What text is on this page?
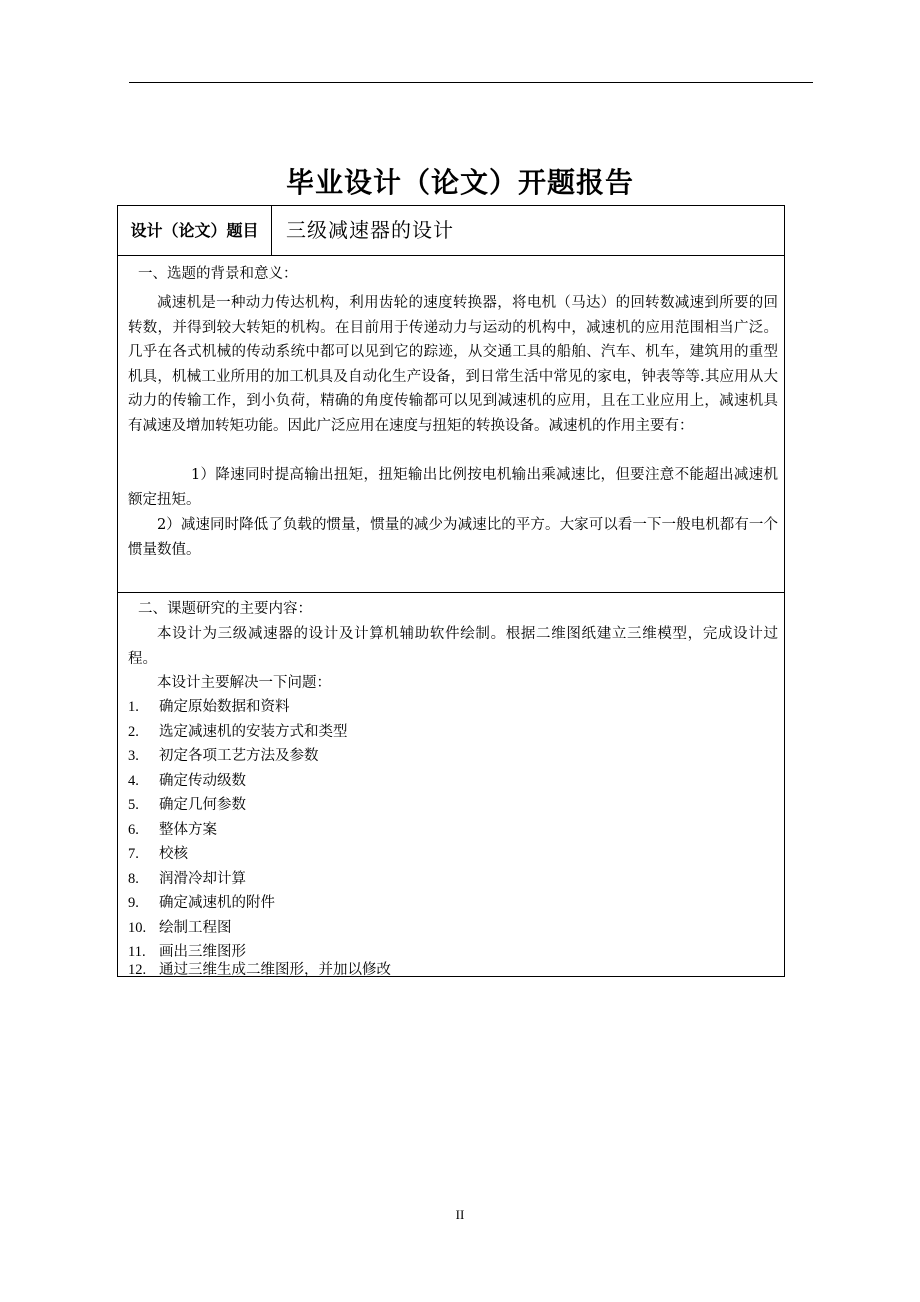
毕业设计（论文）开题报告
设计（论文）题目	三级减速器的设计
一、选题的背景和意义：
减速机是一种动力传达机构，利用齿轮的速度转换器，将电机（马达）的回转数减速到所要的回转数，并得到较大转矩的机构。在目前用于传递动力与运动的机构中，减速机的应用范围相当广泛。几乎在各式机械的传动系统中都可以见到它的踪迹，从交通工具的船舶、汽车、机车，建筑用的重型机具，机械工业所用的加工机具及自动化生产设备，到日常生活中常见的家电，钟表等等.其应用从大动力的传输工作，到小负荷，精确的角度传输都可以见到减速机的应用，且在工业应用上，减速机具有减速及增加转矩功能。因此广泛应用在速度与扭矩的转换设备。减速机的作用主要有：
1）降速同时提高输出扭矩，扭矩输出比例按电机输出乘减速比，但要注意不能超出减速机额定扭矩。
2）减速同时降低了负载的惯量，惯量的减少为减速比的平方。大家可以看一下一般电机都有一个惯量数值。
二、课题研究的主要内容：
本设计为三级减速器的设计及计算机辅助软件绘制。根据二维图纸建立三维模型，完成设计过程。
本设计主要解决一下问题：
1. 确定原始数据和资料
2. 选定减速机的安装方式和类型
3. 初定各项工艺方法及参数
4. 确定传动级数
5. 确定几何参数
6. 整体方案
7. 校核
8. 润滑冷却计算
9. 确定减速机的附件
10. 绘制工程图
11. 画出三维图形
12. 通过三维生成二维图形，并加以修改
II
